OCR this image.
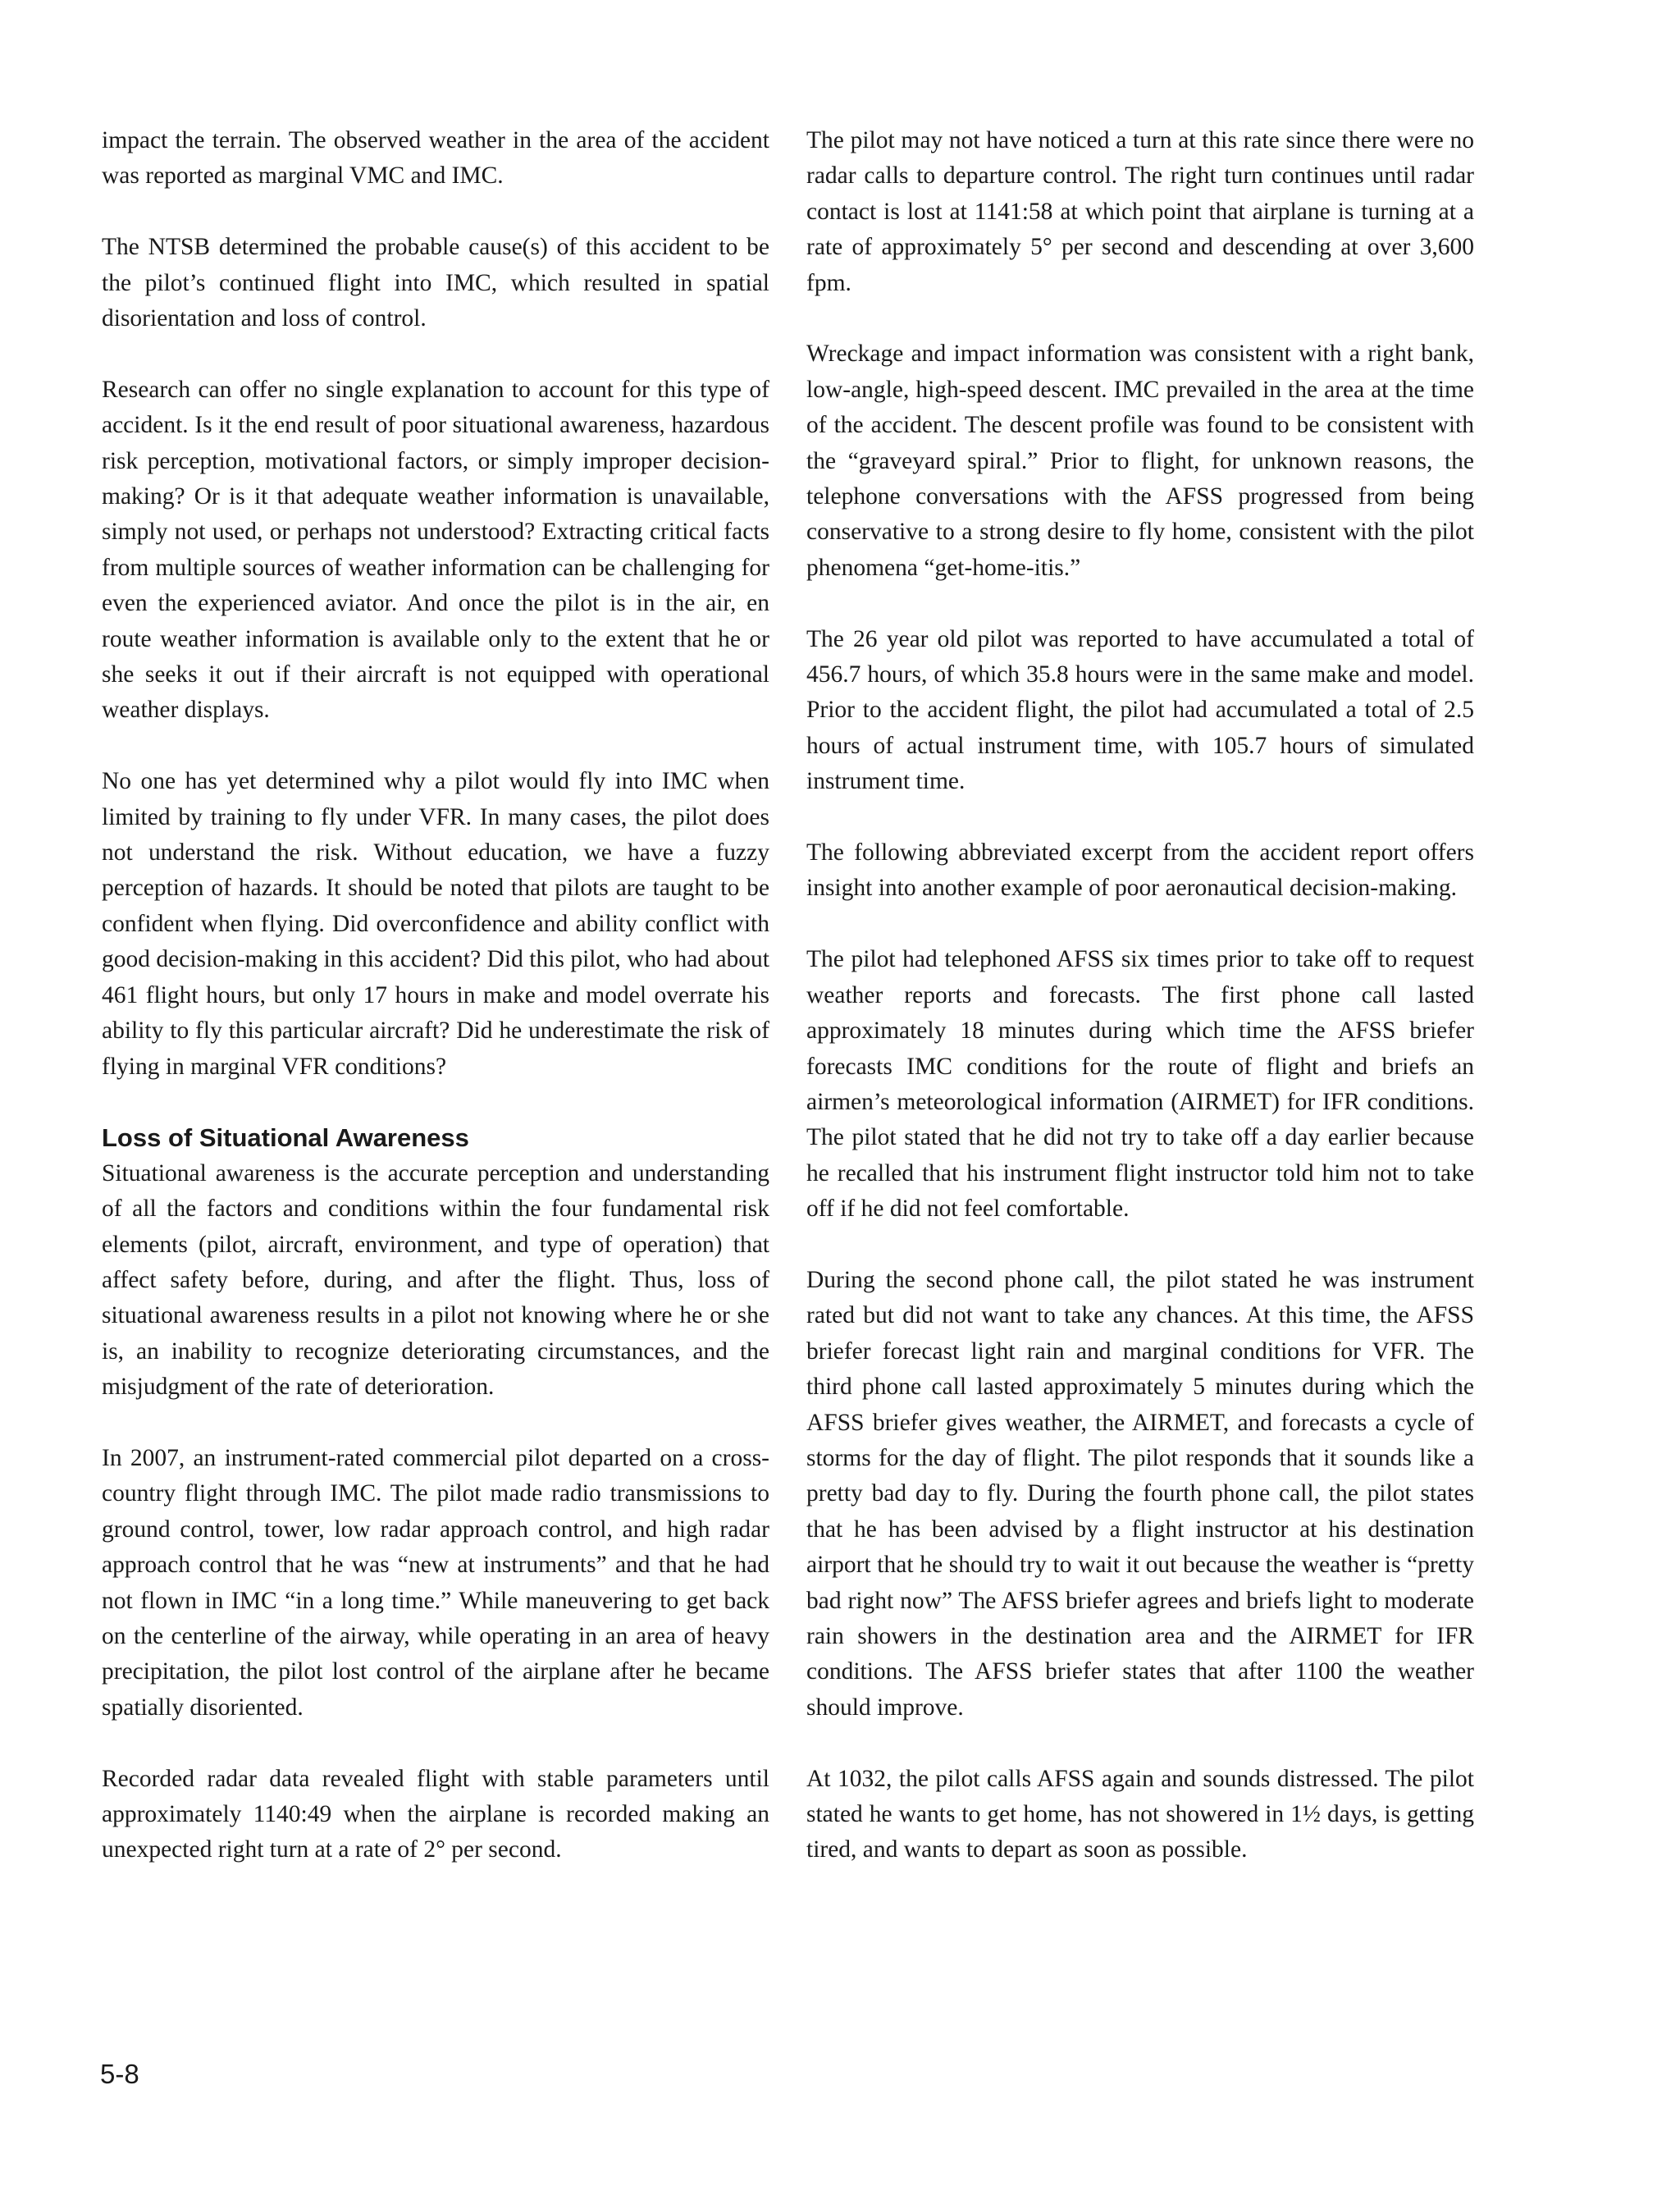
impact the terrain. The observed weather in the area of the accident was reported as marginal VMC and IMC.

The NTSB determined the probable cause(s) of this accident to be the pilot’s continued flight into IMC, which resulted in spatial disorientation and loss of control.

Research can offer no single explanation to account for this type of accident. Is it the end result of poor situational awareness, hazardous risk perception, motivational factors, or simply improper decision-making? Or is it that adequate weather information is unavailable, simply not used, or perhaps not understood? Extracting critical facts from multiple sources of weather information can be challenging for even the experienced aviator. And once the pilot is in the air, en route weather information is available only to the extent that he or she seeks it out if their aircraft is not equipped with operational weather displays.

No one has yet determined why a pilot would fly into IMC when limited by training to fly under VFR. In many cases, the pilot does not understand the risk. Without education, we have a fuzzy perception of hazards. It should be noted that pilots are taught to be confident when flying. Did overconfidence and ability conflict with good decision-making in this accident? Did this pilot, who had about 461 flight hours, but only 17 hours in make and model overrate his ability to fly this particular aircraft? Did he underestimate the risk of flying in marginal VFR conditions?

Loss of Situational Awareness

Situational awareness is the accurate perception and understanding of all the factors and conditions within the four fundamental risk elements (pilot, aircraft, environment, and type of operation) that affect safety before, during, and after the flight. Thus, loss of situational awareness results in a pilot not knowing where he or she is, an inability to recognize deteriorating circumstances, and the misjudgment of the rate of deterioration.

In 2007, an instrument-rated commercial pilot departed on a cross-country flight through IMC. The pilot made radio transmissions to ground control, tower, low radar approach control, and high radar approach control that he was “new at instruments” and that he had not flown in IMC “in a long time.” While maneuvering to get back on the centerline of the airway, while operating in an area of heavy precipitation, the pilot lost control of the airplane after he became spatially disoriented.

Recorded radar data revealed flight with stable parameters until approximately 1140:49 when the airplane is recorded making an unexpected right turn at a rate of 2° per second.

The pilot may not have noticed a turn at this rate since there were no radar calls to departure control. The right turn continues until radar contact is lost at 1141:58 at which point that airplane is turning at a rate of approximately 5° per second and descending at over 3,600 fpm.

Wreckage and impact information was consistent with a right bank, low-angle, high-speed descent. IMC prevailed in the area at the time of the accident. The descent profile was found to be consistent with the “graveyard spiral.” Prior to flight, for unknown reasons, the telephone conversations with the AFSS progressed from being conservative to a strong desire to fly home, consistent with the pilot phenomena “get-home-itis.”

The 26 year old pilot was reported to have accumulated a total of 456.7 hours, of which 35.8 hours were in the same make and model. Prior to the accident flight, the pilot had accumulated a total of 2.5 hours of actual instrument time, with 105.7 hours of simulated instrument time.

The following abbreviated excerpt from the accident report offers insight into another example of poor aeronautical decision-making.

The pilot had telephoned AFSS six times prior to take off to request weather reports and forecasts. The first phone call lasted approximately 18 minutes during which time the AFSS briefer forecasts IMC conditions for the route of flight and briefs an airmen’s meteorological information (AIRMET) for IFR conditions. The pilot stated that he did not try to take off a day earlier because he recalled that his instrument flight instructor told him not to take off if he did not feel comfortable.

During the second phone call, the pilot stated he was instrument rated but did not want to take any chances. At this time, the AFSS briefer forecast light rain and marginal conditions for VFR. The third phone call lasted approximately 5 minutes during which the AFSS briefer gives weather, the AIRMET, and forecasts a cycle of storms for the day of flight. The pilot responds that it sounds like a pretty bad day to fly. During the fourth phone call, the pilot states that he has been advised by a flight instructor at his destination airport that he should try to wait it out because the weather is “pretty bad right now” The AFSS briefer agrees and briefs light to moderate rain showers in the destination area and the AIRMET for IFR conditions. The AFSS briefer states that after 1100 the weather should improve.

At 1032, the pilot calls AFSS again and sounds distressed. The pilot stated he wants to get home, has not showered in 1½ days, is getting tired, and wants to depart as soon as possible.

5-8
